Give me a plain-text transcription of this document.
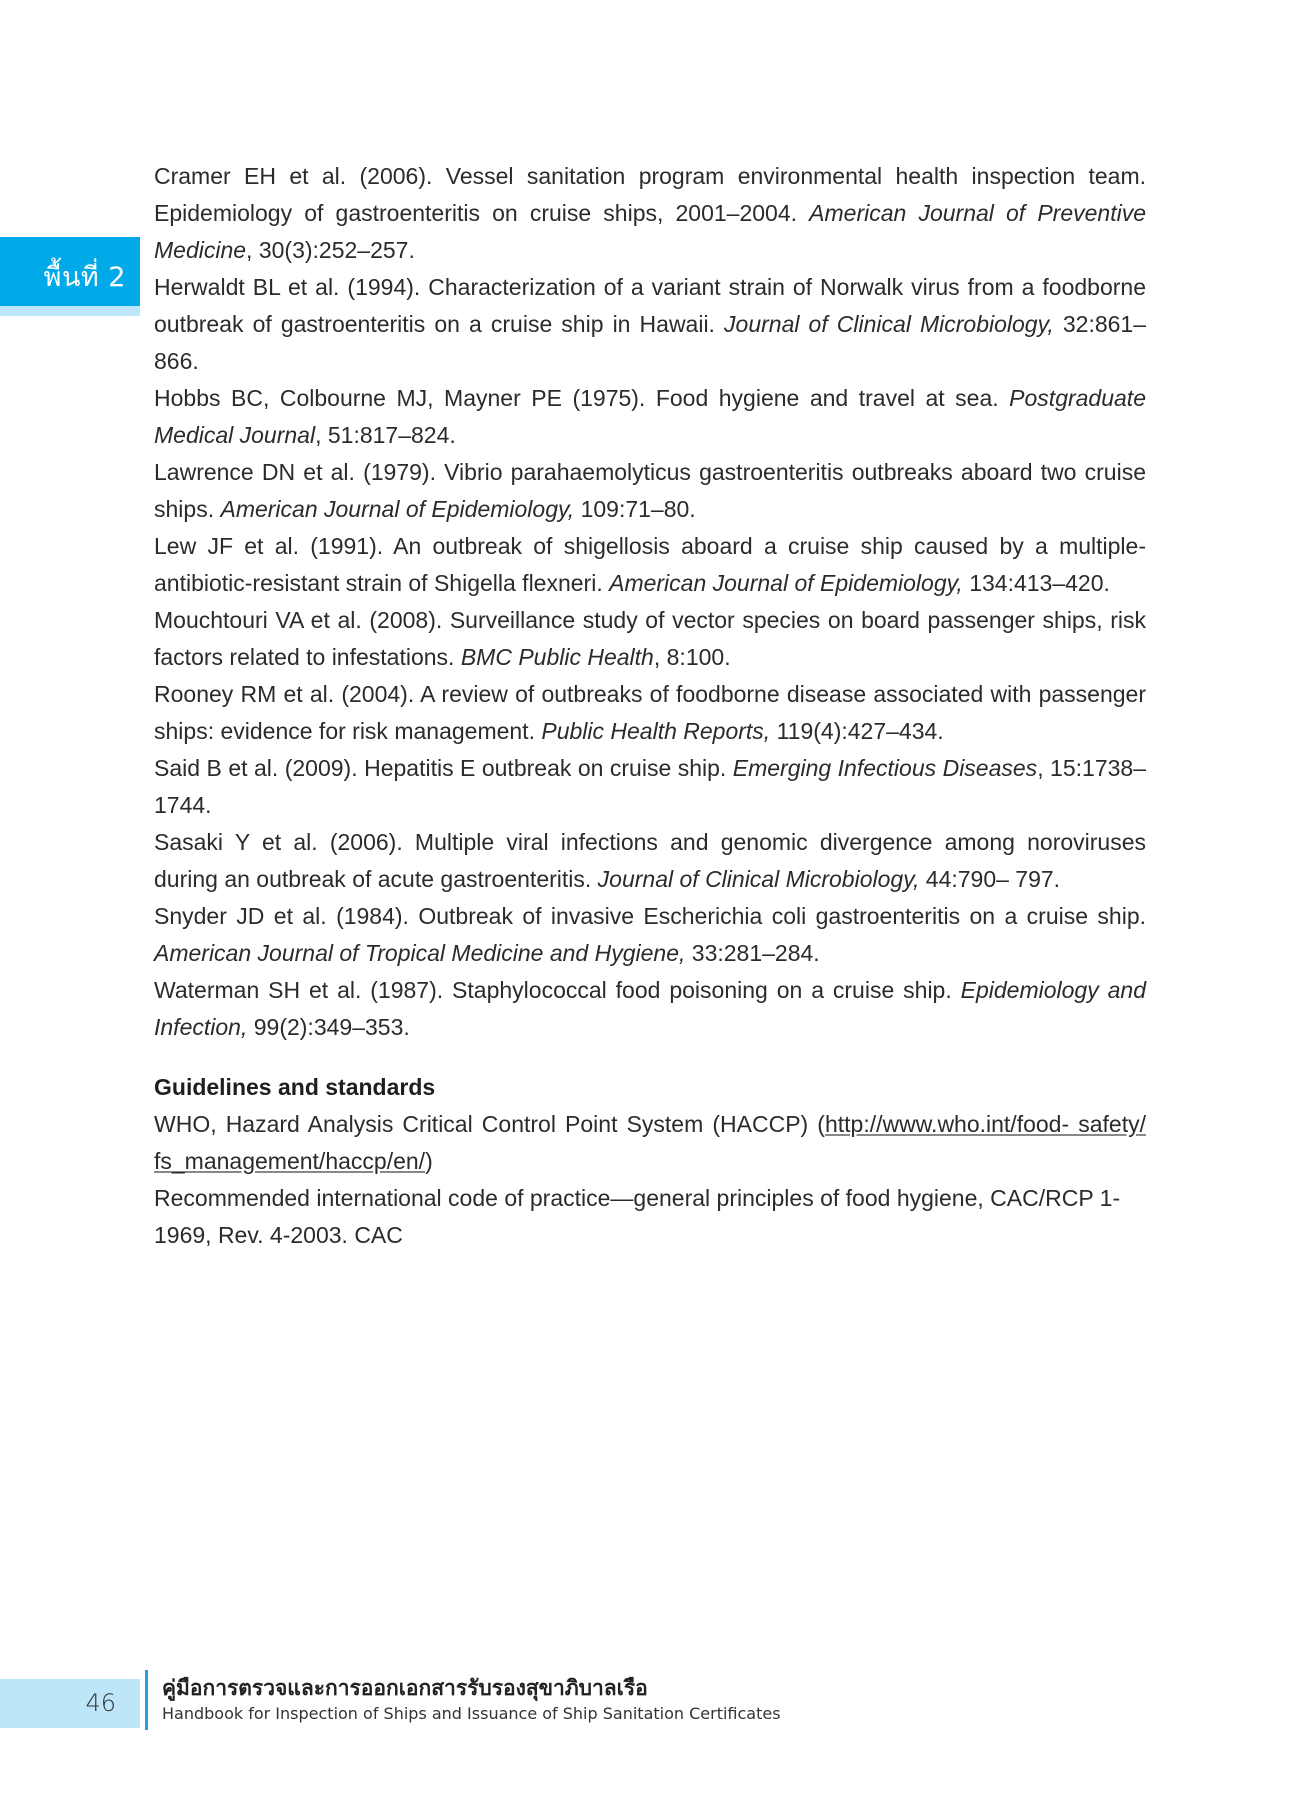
พื้นที่ 2

Cramer EH et al. (2006). Vessel sanitation program environmental health inspection team. Epidemiology of gastroenteritis on cruise ships, 2001–2004. American Journal of Preventive Medicine, 30(3):252–257.

Herwaldt BL et al. (1994). Characterization of a variant strain of Norwalk virus from a foodborne outbreak of gastroenteritis on a cruise ship in Hawaii. Journal of Clinical Microbiology, 32:861–866.

Hobbs BC, Colbourne MJ, Mayner PE (1975). Food hygiene and travel at sea. Postgraduate Medical Journal, 51:817–824.

Lawrence DN et al. (1979). Vibrio parahaemolyticus gastroenteritis outbreaks aboard two cruise ships. American Journal of Epidemiology, 109:71–80.

Lew JF et al. (1991). An outbreak of shigellosis aboard a cruise ship caused by a multiple-antibiotic-resistant strain of Shigella flexneri. American Journal of Epidemiology, 134:413–420.

Mouchtouri VA et al. (2008). Surveillance study of vector species on board passenger ships, risk factors related to infestations. BMC Public Health, 8:100.

Rooney RM et al. (2004). A review of outbreaks of foodborne disease associated with passenger ships: evidence for risk management. Public Health Reports, 119(4):427–434.

Said B et al. (2009). Hepatitis E outbreak on cruise ship. Emerging Infectious Diseases, 15:1738–1744.

Sasaki Y et al. (2006). Multiple viral infections and genomic divergence among noroviruses during an outbreak of acute gastroenteritis. Journal of Clinical Microbiology, 44:790– 797.

Snyder JD et al. (1984). Outbreak of invasive Escherichia coli gastroenteritis on a cruise ship. American Journal of Tropical Medicine and Hygiene, 33:281–284.

Waterman SH et al. (1987). Staphylococcal food poisoning on a cruise ship. Epidemiology and Infection, 99(2):349–353.

Guidelines and standards

WHO, Hazard Analysis Critical Control Point System (HACCP) (http://www.who.int/food- safety/ fs_management/haccp/en/)

Recommended international code of practice—general principles of food hygiene, CAC/RCP 1-1969, Rev. 4-2003. CAC

46
คู่มือการตรวจและการออกเอกสารรับรองสุขาภิบาลเรือ
Handbook for Inspection of Ships and Issuance of Ship Sanitation Certificates
